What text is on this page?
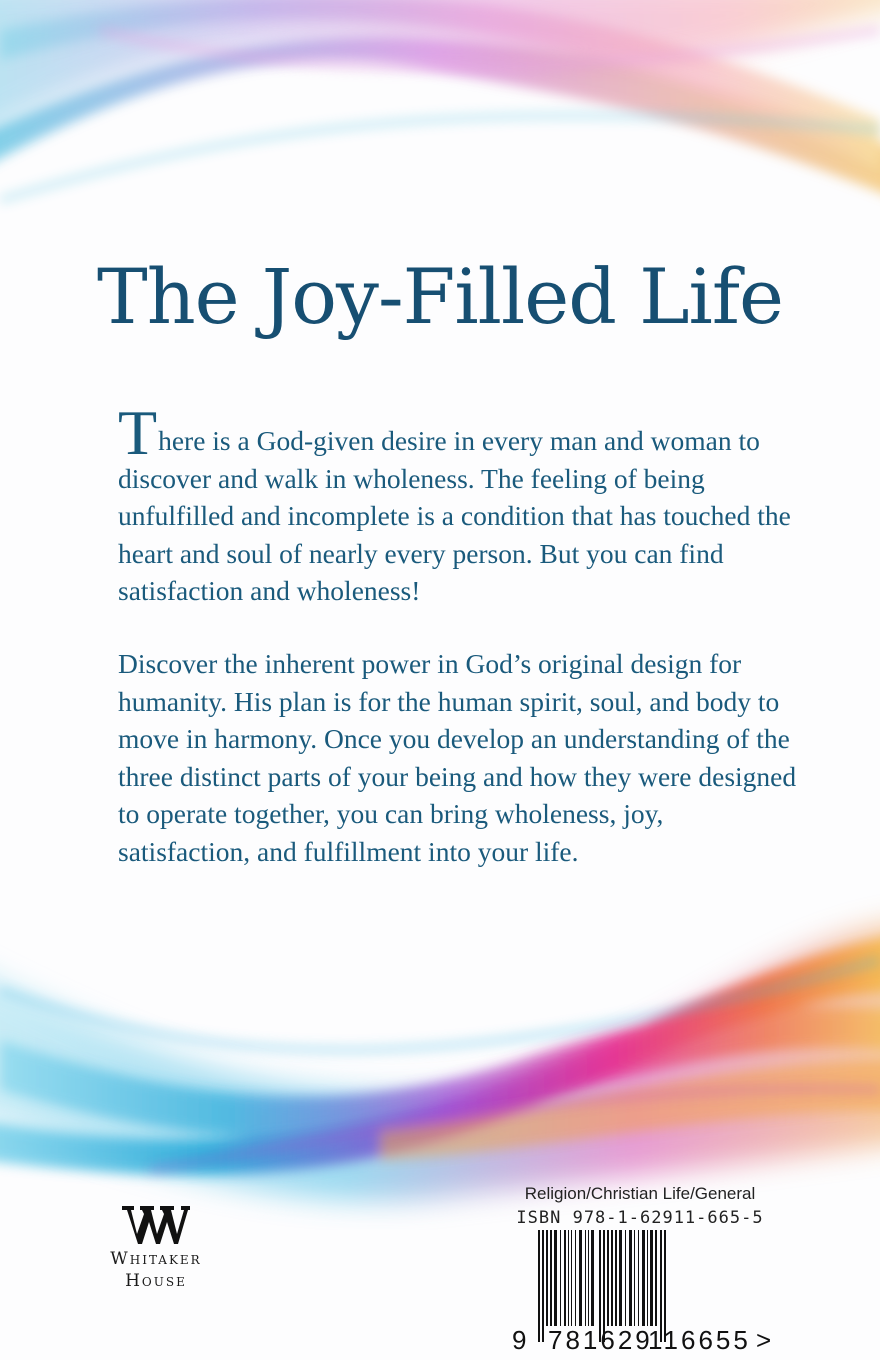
The Joy-Filled Life

There is a God-given desire in every man and woman to discover and walk in wholeness. The feeling of being unfulfilled and incomplete is a condition that has touched the heart and soul of nearly every person. But you can find satisfaction and wholeness!

Discover the inherent power in God’s original design for humanity. His plan is for the human spirit, soul, and body to move in harmony. Once you develop an understanding of the three distinct parts of your being and how they were designed to operate together, you can bring wholeness, joy, satisfaction, and fulfillment into your life.

Whitaker
House
Religion/Christian Life/General
ISBN 978-1-62911-665-5
9 781629
116655 >
